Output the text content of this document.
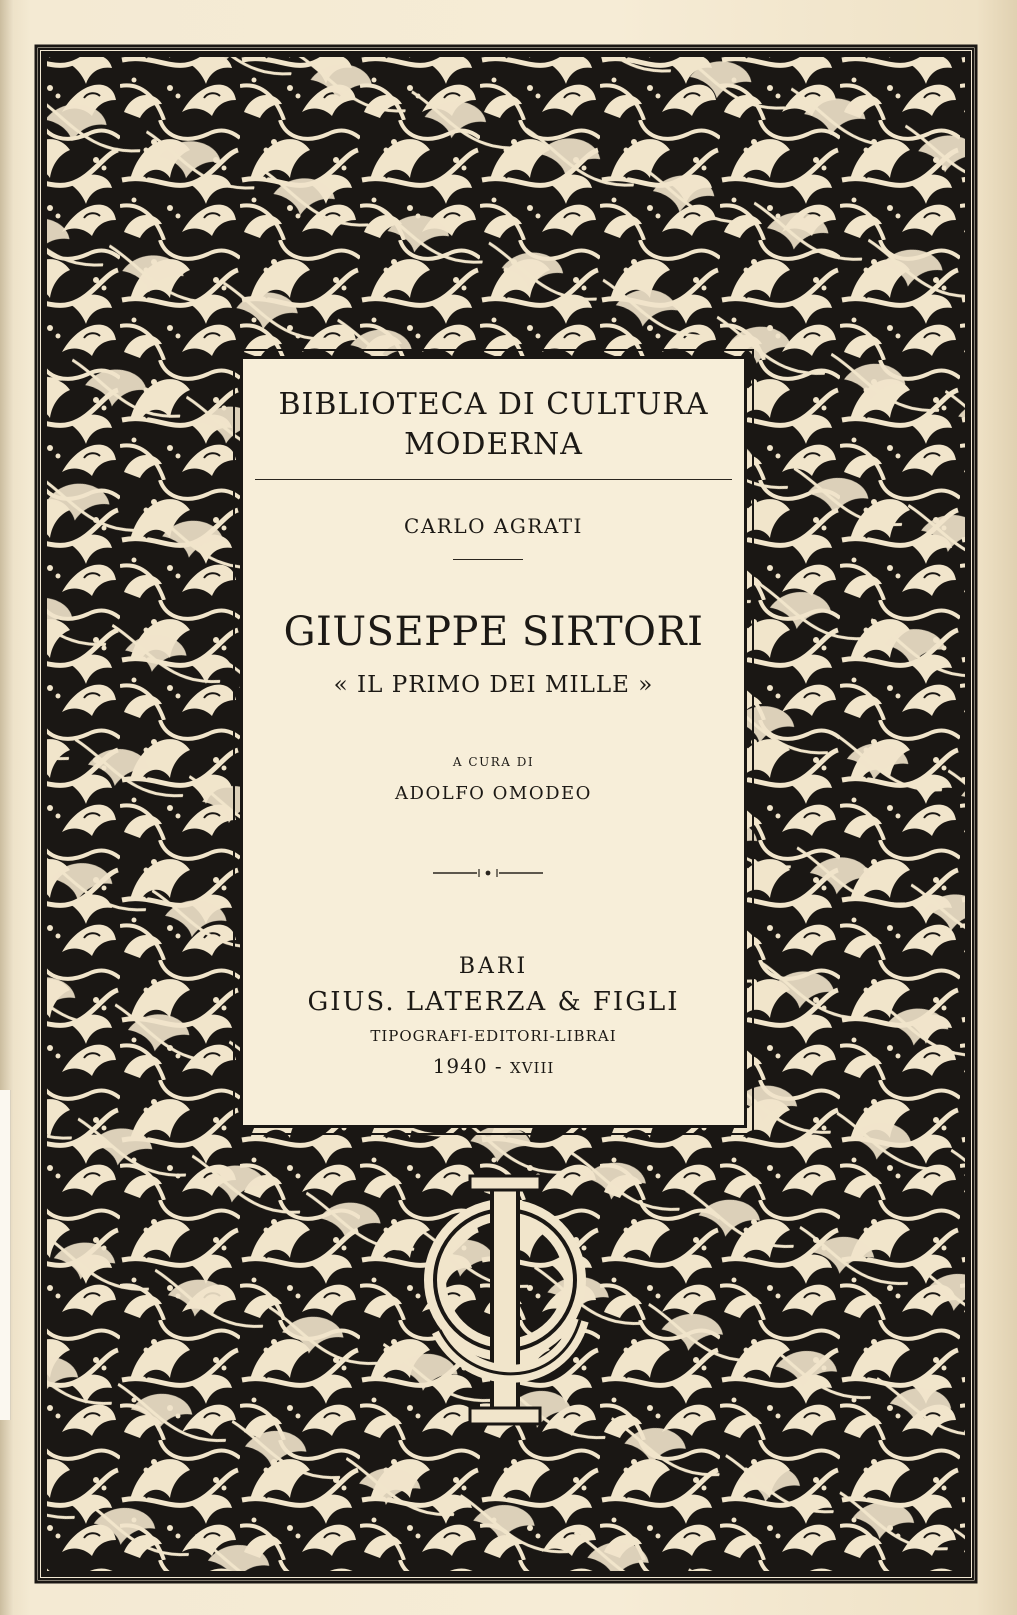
BIBLIOTECA DI CULTURA
MODERNA
CARLO AGRATI
GIUSEPPE SIRTORI
« IL PRIMO DEI MILLE »
A CURA DI
ADOLFO OMODEO
BARI
GIUS. LATERZA & FIGLI
TIPOGRAFI-EDITORI-LIBRAI
1940 - XVIII
